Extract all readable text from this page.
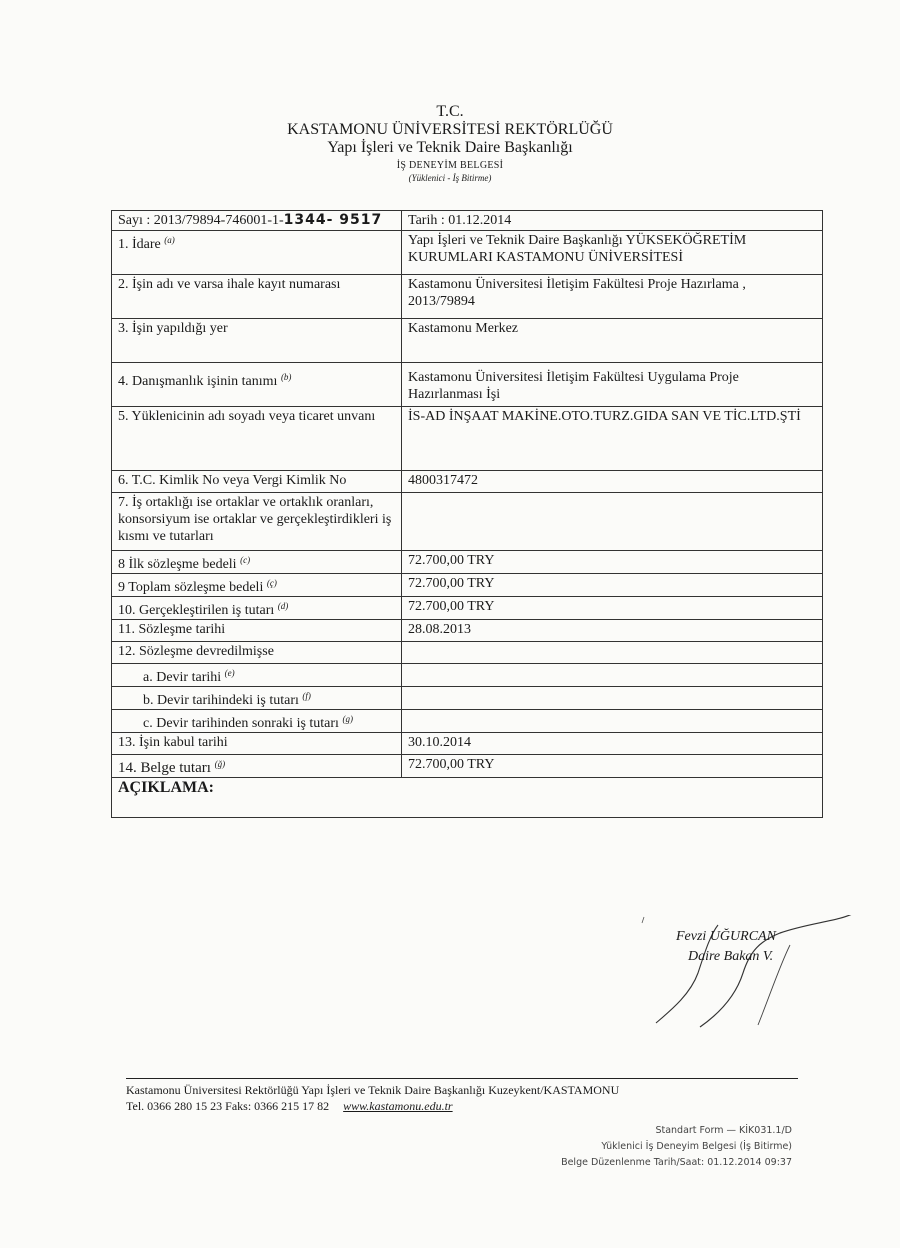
T.C.
KASTAMONU ÜNİVERSİTESİ REKTÖRLÜĞÜ
Yapı İşleri ve Teknik Daire Başkanlığı
İŞ DENEYİM BELGESİ
(Yüklenici - İş Bitirme)
Sayı : 2013/79894-746001-1-1344- 9517	Tarih : 01.12.2014
1. İdare $^{(a)}$	Yapı İşleri ve Teknik Daire Başkanlığı YÜKSEKÖĞRETİM KURUMLARI KASTAMONU ÜNİVERSİTESİ
2. İşin adı ve varsa ihale kayıt numarası	Kastamonu Üniversitesi İletişim Fakültesi Proje Hazırlama , 2013/79894
3. İşin yapıldığı yer	Kastamonu Merkez
4. Danışmanlık işinin tanımı $^{(b)}$	Kastamonu Üniversitesi İletişim Fakültesi Uygulama Proje Hazırlanması İşi
5. Yüklenicinin adı soyadı veya ticaret unvanı	İS-AD İNŞAAT MAKİNE.OTO.TURZ.GIDA SAN VE TİC.LTD.ŞTİ
6. T.C. Kimlik No veya Vergi Kimlik No	4800317472
7. İş ortaklığı ise ortaklar ve ortaklık oranları, konsorsiyum ise ortaklar ve gerçekleştirdikleri iş kısmı ve tutarları	
8 İlk sözleşme bedeli $^{(c)}$	72.700,00 TRY
9 Toplam sözleşme bedeli $^{(ç)}$	72.700,00 TRY
10. Gerçekleştirilen iş tutarı $^{(d)}$	72.700,00 TRY
11. Sözleşme tarihi	28.08.2013
12. Sözleşme devredilmişse	
a. Devir tarihi $^{(e)}$	
b. Devir tarihindeki iş tutarı $^{(f)}$	
c. Devir tarihinden sonraki iş tutarı $^{(g)}$	
13. İşin kabul tarihi	30.10.2014
14. Belge tutarı $^{(ğ)}$	72.700,00 TRY
AÇIKLAMA:	
Fevzi UĞURCAN
Daire Bakan V.
Kastamonu Üniversitesi Rektörlüğü Yapı İşleri ve Teknik Daire Başkanlığı Kuzeykent/KASTAMONU
Tel. 0366 280 15 23 Faks: 0366 215 17 82 www.kastamonu.edu.tr
Standart Form — KİK031.1/D
Yüklenici İş Deneyim Belgesi (İş Bitirme)
Belge Düzenlenme Tarih/Saat: 01.12.2014 09:37
